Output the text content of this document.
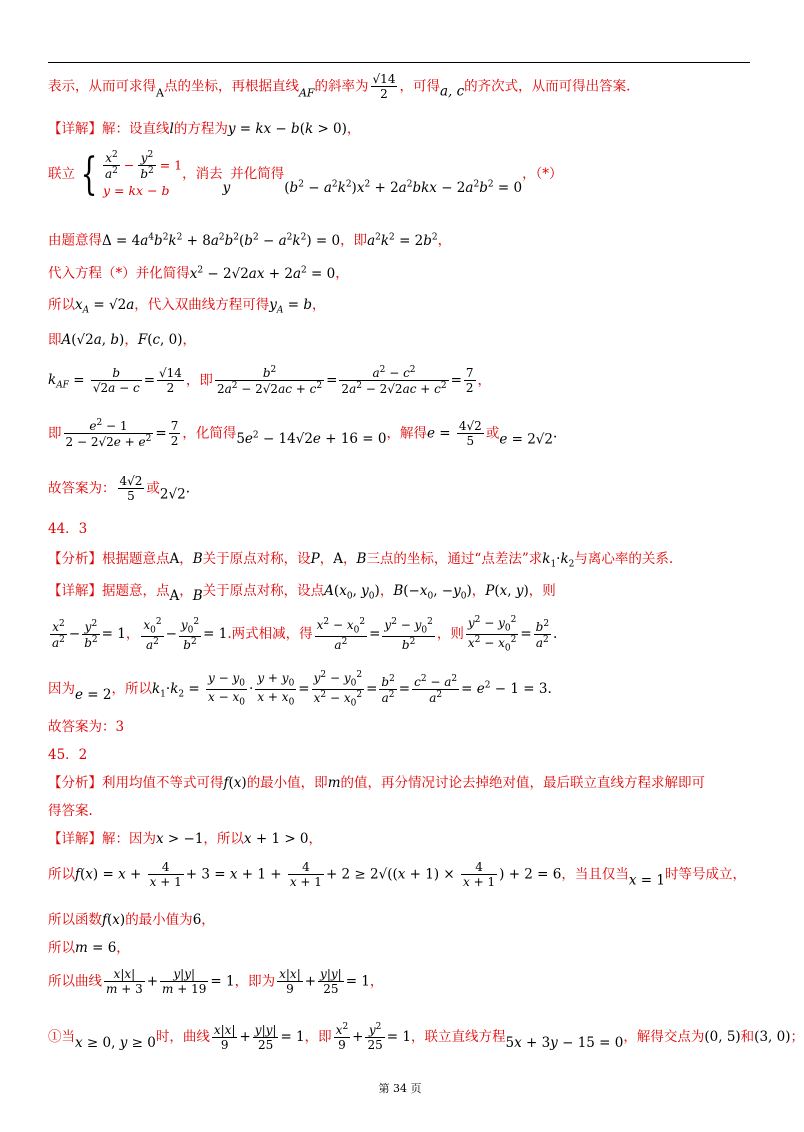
表示，从而可求得$_A$点的坐标，再根据直线$_{AF}$的斜率为 $\frac{√14}{2}$ ，可得a, c的齐次式，从而可得出答案.
【详解】解：设直线l的方程为y = kx − b(k > 0)，
联立 { $\frac{x^2}{a^2} - \frac{y^2}{b^2} = 1$
y = kx − b
，消去y并化简得$(b^2 - a^2k^2)x^2 + 2a^2bkx - 2a^2b^2 = 0$，（*）
由题意得$\Delta = 4a^4b^2k^2 + 8a^2b^2(b^2 - a^2k^2) = 0$，即$a^2k^2 = 2b^2$，
代入方程（*）并化简得$x^2 - 2√2ax + 2a^2 = 0$，
所以$x_A = √2a$，代入双曲线方程可得$y_A = b$，
即A(√2a, b)，F(c, 0)，
$k_{AF} = \frac{b}{√2a - c} = \frac{√14}{2}$ ，即 $\frac{b^2}{2a^2 - 2√2ac + c^2} = \frac{a^2 - c^2}{2a^2 - 2√2ac + c^2} = \frac{7}{2}$ ，
即 $\frac{e^2 - 1}{2 - 2√2e + e^2} = \frac{7}{2}$ ，化简得$5e^2 - 14√2e + 16 = 0$，解得$e = \frac{4√2}{5}$ 或e = 2√2.
故答案为： $\frac{4√2}{5}$ 或2√2.
44．3
【分析】根据题意点A，B关于原点对称，设P，A，B三点的坐标，通过“点差法”求$k_1\cdot k_2$与离心率的关系.
【详解】据题意，点A，B关于原点对称，设点$A(x_0$, $y_0$)，$B(-x_0$, $-y_0$)，P(x, y)，则
$\frac{x^2}{a^2} - \frac{y^2}{b^2} = 1$， $\frac{x_0^2}{a^2} - \frac{y_0^2}{b^2} = 1$.两式相减，得 $\frac{x^2 - x_0^2}{a^2} = \frac{y^2 - y_0^2}{b^2}$ ，则 $\frac{y^2 - y_0^2}{x^2 - x_0^2} = \frac{b^2}{a^2}$ .
因为e = 2，所以$k_1\cdot k_2 = \frac{y - y_0}{x - x_0} \cdot \frac{y + y_0}{x + x_0} = \frac{y^2 - y_0^2}{x^2 - x_0^2} = \frac{b^2}{a^2} = \frac{c^2 - a^2}{a^2} = e^2 - 1 = 3$.
故答案为：3
45．2
【分析】利用均值不等式可得f(x)的最小值，即m的值，再分情况讨论去掉绝对值，最后联立直线方程求解即可
得答案.
【详解】解：因为x > −1，所以x + 1 > 0，
所以$f(x) = x + \frac{4}{x + 1} + 3 = x + 1 + \frac{4}{x + 1} + 2 \ge 2√((x + 1) \times \frac{4}{x + 1}$ ) + 2 = 6，当且仅当x = 1时等号成立，
所以函数f(x)的最小值为6，
所以m = 6，
所以曲线 $\frac{x|x|}{m + 3} + \frac{y|y|}{m + 19} = 1$，即为 $\frac{x|x|}{9} + \frac{y|y|}{25} = 1$，
①当x ≥ 0, y ≥ 0时，曲线 $\frac{x|x|}{9} + \frac{y|y|}{25} = 1$，即 $\frac{x^2}{9} + \frac{y^2}{25} = 1$，联立直线方程5x + 3y − 15 = 0，解得交点为(0, 5)和(3, 0)；
第 34 页
